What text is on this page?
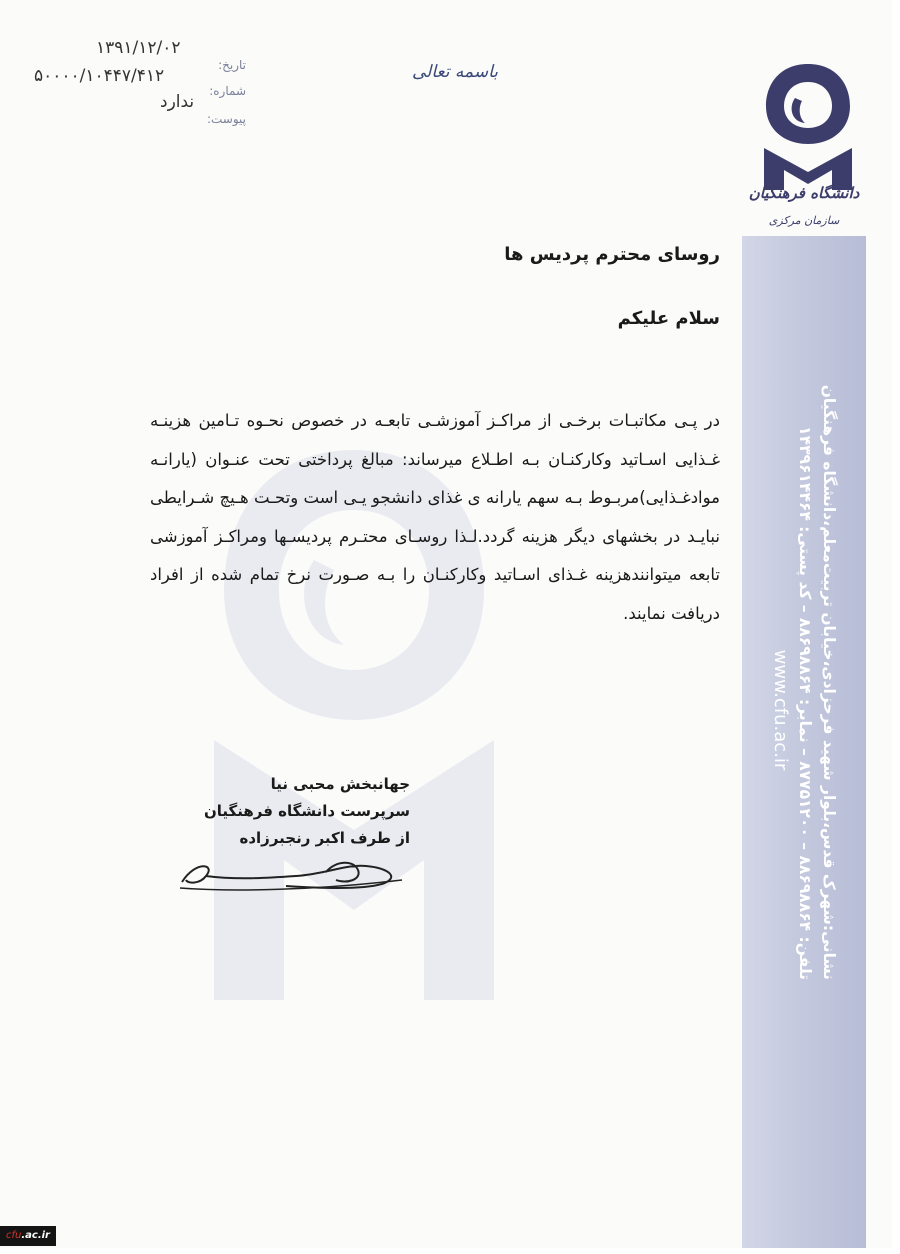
نشانی:شهرک قدس،بلوار شهید فرحزادی،خیابان تربیت‌معلم،دانشگاه فرهنگیان
تلفن: ۸۸۶۹۸۸۶۴ – ۸۷۷۵۱۲۰۰ – نمابر: ۸۸۶۹۸۸۶۴ – کد پستی: ۱۴۳۹۶۱۴۴۶۴
www.cfu.ac.ir
دانشگاه فرهنگیان
سازمان مرکزی
باسمه تعالی
تاریخ:
۱۳۹۱/۱۲/۰۲
شماره:
۵۰۰۰۰/۱۰۴۴۷/۴۱۲
پیوست:
ندارد
روسای محترم پردیس ها
سلام علیکم
در پـی مکاتبـات برخـی از مراکـز آموزشـی تابعـه در خصوص نحـوه تـامین هزینـه غـذایی اسـاتید وکارکنـان بـه اطـلاع میرساند: مبالغ پرداختی تحت عنـوان (یارانـه موادغـذایی)مربـوط بـه سهم یارانه ی غذای دانشجو یـی است وتحـت هـیچ شـرایطی نبایـد در بخشهای دیگر هزینه گردد.لـذا روسـای محتـرم پردیسـها ومراکـز آموزشی تابعه میتوانندهزینه غـذای اسـاتید وکارکنـان را بـه صـورت نرخ تمام شده از افراد دریافت نمایند.
جهانبخش محبی نیا
سرپرست دانشگاه فرهنگیان
از طرف اکبر رنجبرزاده
cfu.ac.ir
